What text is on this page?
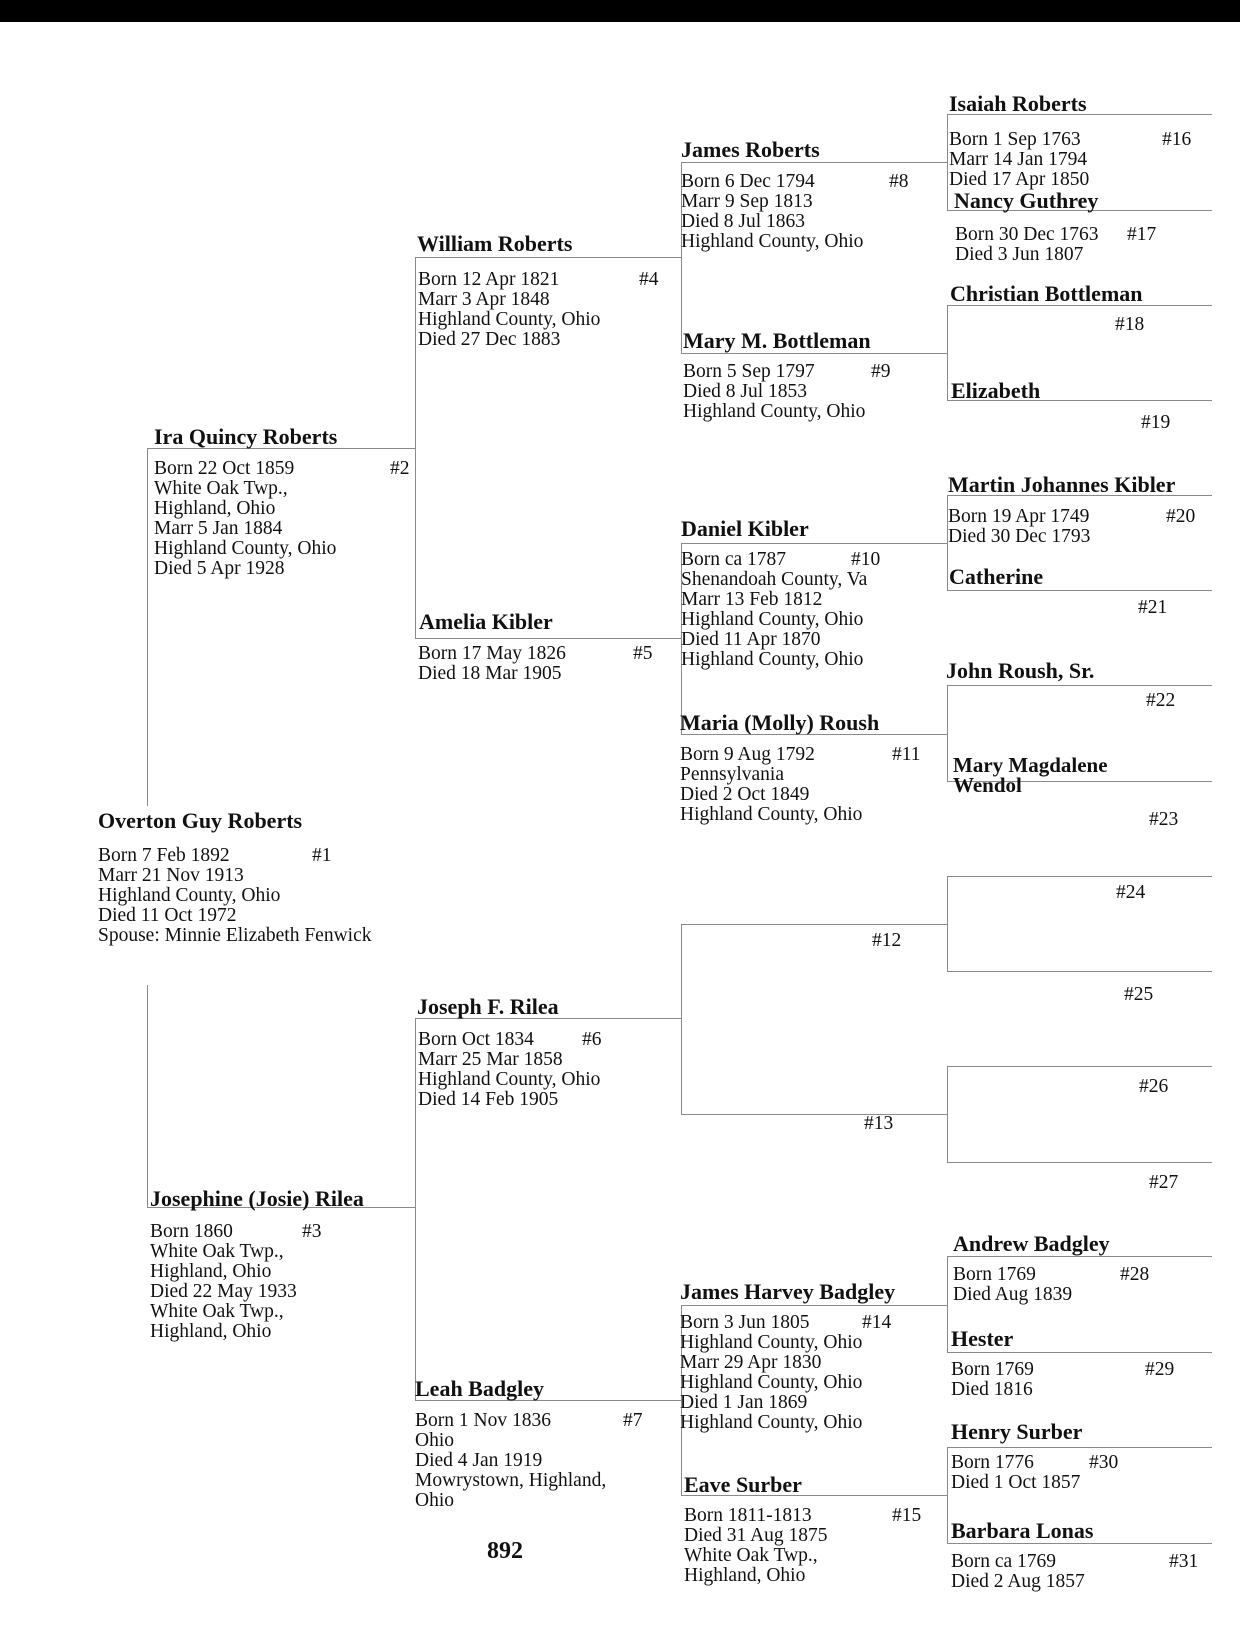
Overton Guy Roberts
#1
Born 7 Feb 1892
Marr 21 Nov 1913
Highland County, Ohio
Died 11 Oct 1972
Spouse: Minnie Elizabeth Fenwick
Ira Quincy Roberts
#2
Born 22 Oct 1859
White Oak Twp.,
Highland, Ohio
Marr 5 Jan 1884
Highland County, Ohio
Died 5 Apr 1928
Josephine (Josie) Rilea
#3
Born 1860
White Oak Twp.,
Highland, Ohio
Died 22 May 1933
White Oak Twp.,
Highland, Ohio
William Roberts
#4
Born 12 Apr 1821
Marr 3 Apr 1848
Highland County, Ohio
Died 27 Dec 1883
Amelia Kibler
#5
Born 17 May 1826
Died 18 Mar 1905
Joseph F. Rilea
#6
Born Oct 1834
Marr 25 Mar 1858
Highland County, Ohio
Died 14 Feb 1905
Leah Badgley
#7
Born 1 Nov 1836
Ohio
Died 4 Jan 1919
Mowrystown, Highland,
Ohio
James Roberts
#8
Born 6 Dec 1794
Marr 9 Sep 1813
Died 8 Jul 1863
Highland County, Ohio
Mary M. Bottleman
#9
Born 5 Sep 1797
Died 8 Jul 1853
Highland County, Ohio
Daniel Kibler
#10
Born ca 1787
Shenandoah County, Va
Marr 13 Feb 1812
Highland County, Ohio
Died 11 Apr 1870
Highland County, Ohio
Maria (Molly) Roush
#11
Born 9 Aug 1792
Pennsylvania
Died 2 Oct 1849
Highland County, Ohio
#12
#13
James Harvey Badgley
#14
Born 3 Jun 1805
Highland County, Ohio
Marr 29 Apr 1830
Highland County, Ohio
Died 1 Jan 1869
Highland County, Ohio
Eave Surber
#15
Born 1811-1813
Died 31 Aug 1875
White Oak Twp.,
Highland, Ohio
Isaiah Roberts
#16
Born 1 Sep 1763
Marr 14 Jan 1794
Died 17 Apr 1850
Nancy Guthrey
#17
Born 30 Dec 1763
Died 3 Jun 1807
Christian Bottleman
#18
Elizabeth
#19
Martin Johannes Kibler
#20
Born 19 Apr 1749
Died 30 Dec 1793
Catherine
#21
John Roush, Sr.
#22
Mary Magdalene
Wendol
#23
#24
#25
#26
#27
Andrew Badgley
#28
Born 1769
Died Aug 1839
Hester
#29
Born 1769
Died 1816
Henry Surber
#30
Born 1776
Died 1 Oct 1857
Barbara Lonas
#31
Born ca 1769
Died 2 Aug 1857
892
